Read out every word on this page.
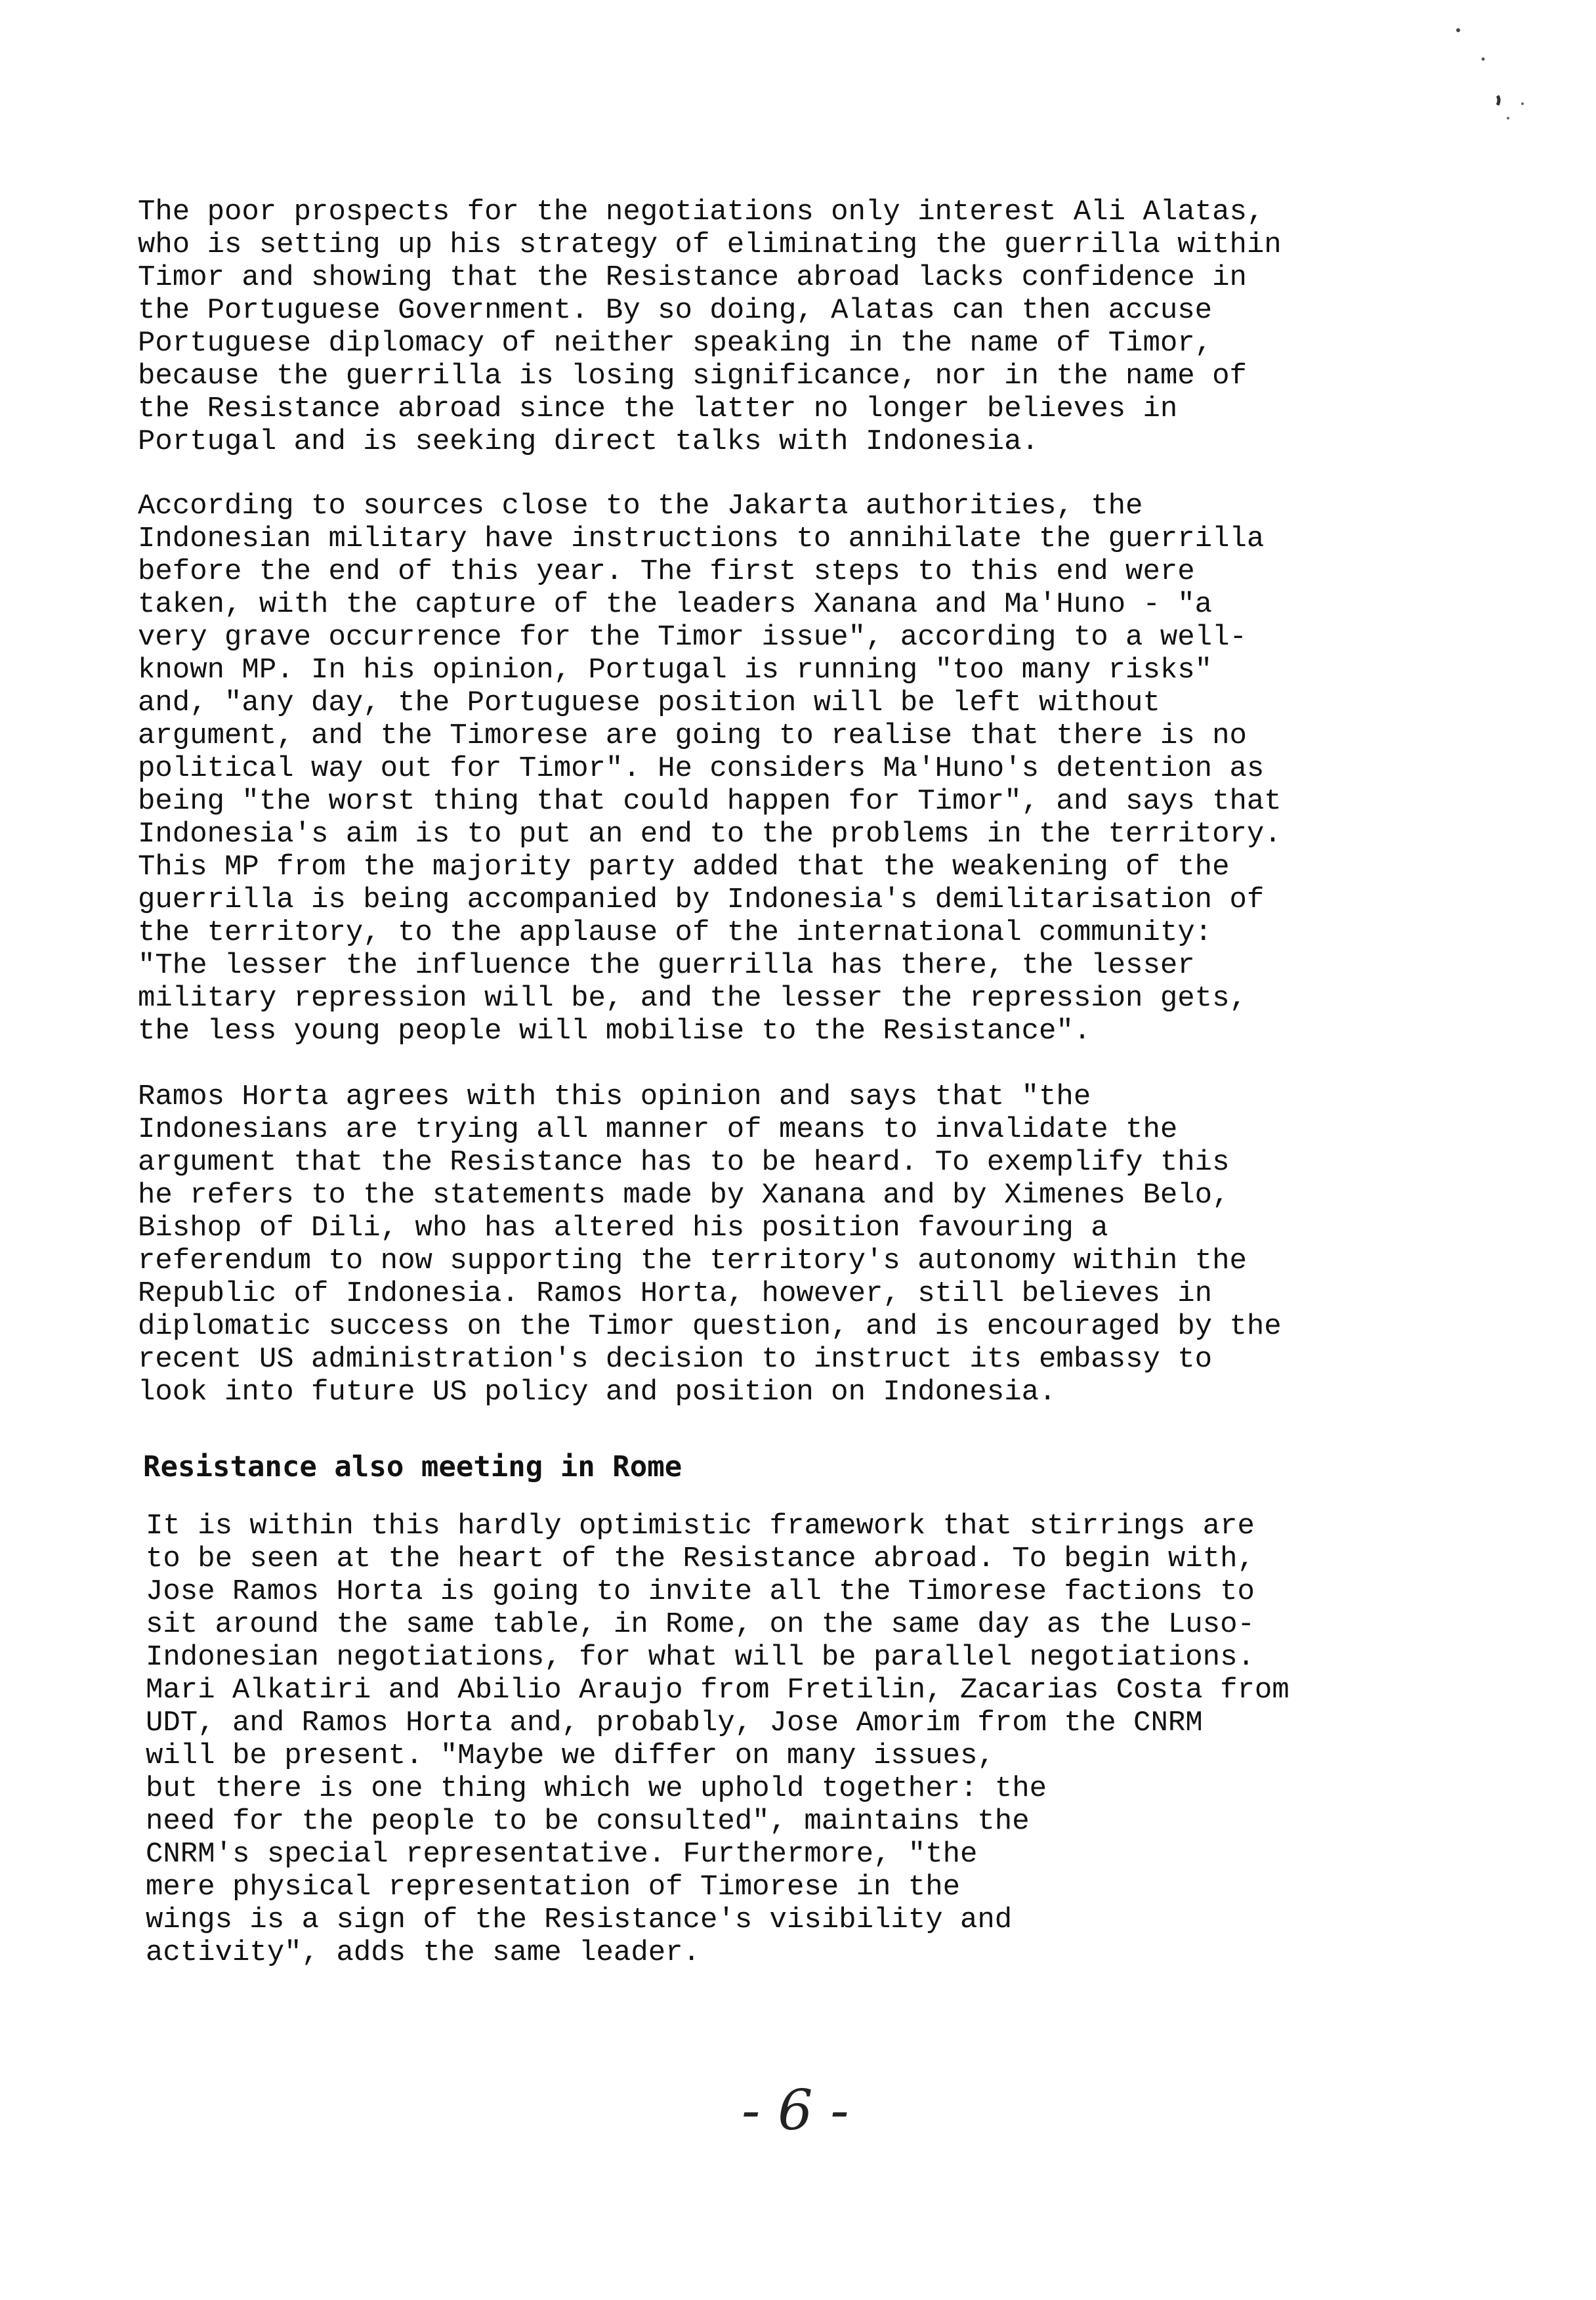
The poor prospects for the negotiations only interest Ali Alatas,
who is setting up his strategy of eliminating the guerrilla within
Timor and showing that the Resistance abroad lacks confidence in
the Portuguese Government. By so doing, Alatas can then accuse
Portuguese diplomacy of neither speaking in the name of Timor,
because the guerrilla is losing significance, nor in the name of
the Resistance abroad since the latter no longer believes in
Portugal and is seeking direct talks with Indonesia.
According to sources close to the Jakarta authorities, the
Indonesian military have instructions to annihilate the guerrilla
before the end of this year. The first steps to this end were
taken, with the capture of the leaders Xanana and Ma'Huno - "a
very grave occurrence for the Timor issue", according to a well-
known MP. In his opinion, Portugal is running "too many risks"
and, "any day, the Portuguese position will be left without
argument, and the Timorese are going to realise that there is no
political way out for Timor". He considers Ma'Huno's detention as
being "the worst thing that could happen for Timor", and says that
Indonesia's aim is to put an end to the problems in the territory.
This MP from the majority party added that the weakening of the
guerrilla is being accompanied by Indonesia's demilitarisation of
the territory, to the applause of the international community:
"The lesser the influence the guerrilla has there, the lesser
military repression will be, and the lesser the repression gets,
the less young people will mobilise to the Resistance".
Ramos Horta agrees with this opinion and says that "the
Indonesians are trying all manner of means to invalidate the
argument that the Resistance has to be heard. To exemplify this
he refers to the statements made by Xanana and by Ximenes Belo,
Bishop of Dili, who has altered his position favouring a
referendum to now supporting the territory's autonomy within the
Republic of Indonesia. Ramos Horta, however, still believes in
diplomatic success on the Timor question, and is encouraged by the
recent US administration's decision to instruct its embassy to
look into future US policy and position on Indonesia.
Resistance also meeting in Rome
It is within this hardly optimistic framework that stirrings are
to be seen at the heart of the Resistance abroad. To begin with,
Jose Ramos Horta is going to invite all the Timorese factions to
sit around the same table, in Rome, on the same day as the Luso-
Indonesian negotiations, for what will be parallel negotiations.
Mari Alkatiri and Abilio Araujo from Fretilin, Zacarias Costa from
UDT, and Ramos Horta and, probably, Jose Amorim from the CNRM
will be present. "Maybe we differ on many issues,
but there is one thing which we uphold together: the
need for the people to be consulted", maintains the
CNRM's special representative. Furthermore, "the
mere physical representation of Timorese in the
wings is a sign of the Resistance's visibility and
activity", adds the same leader.
- 6 -
